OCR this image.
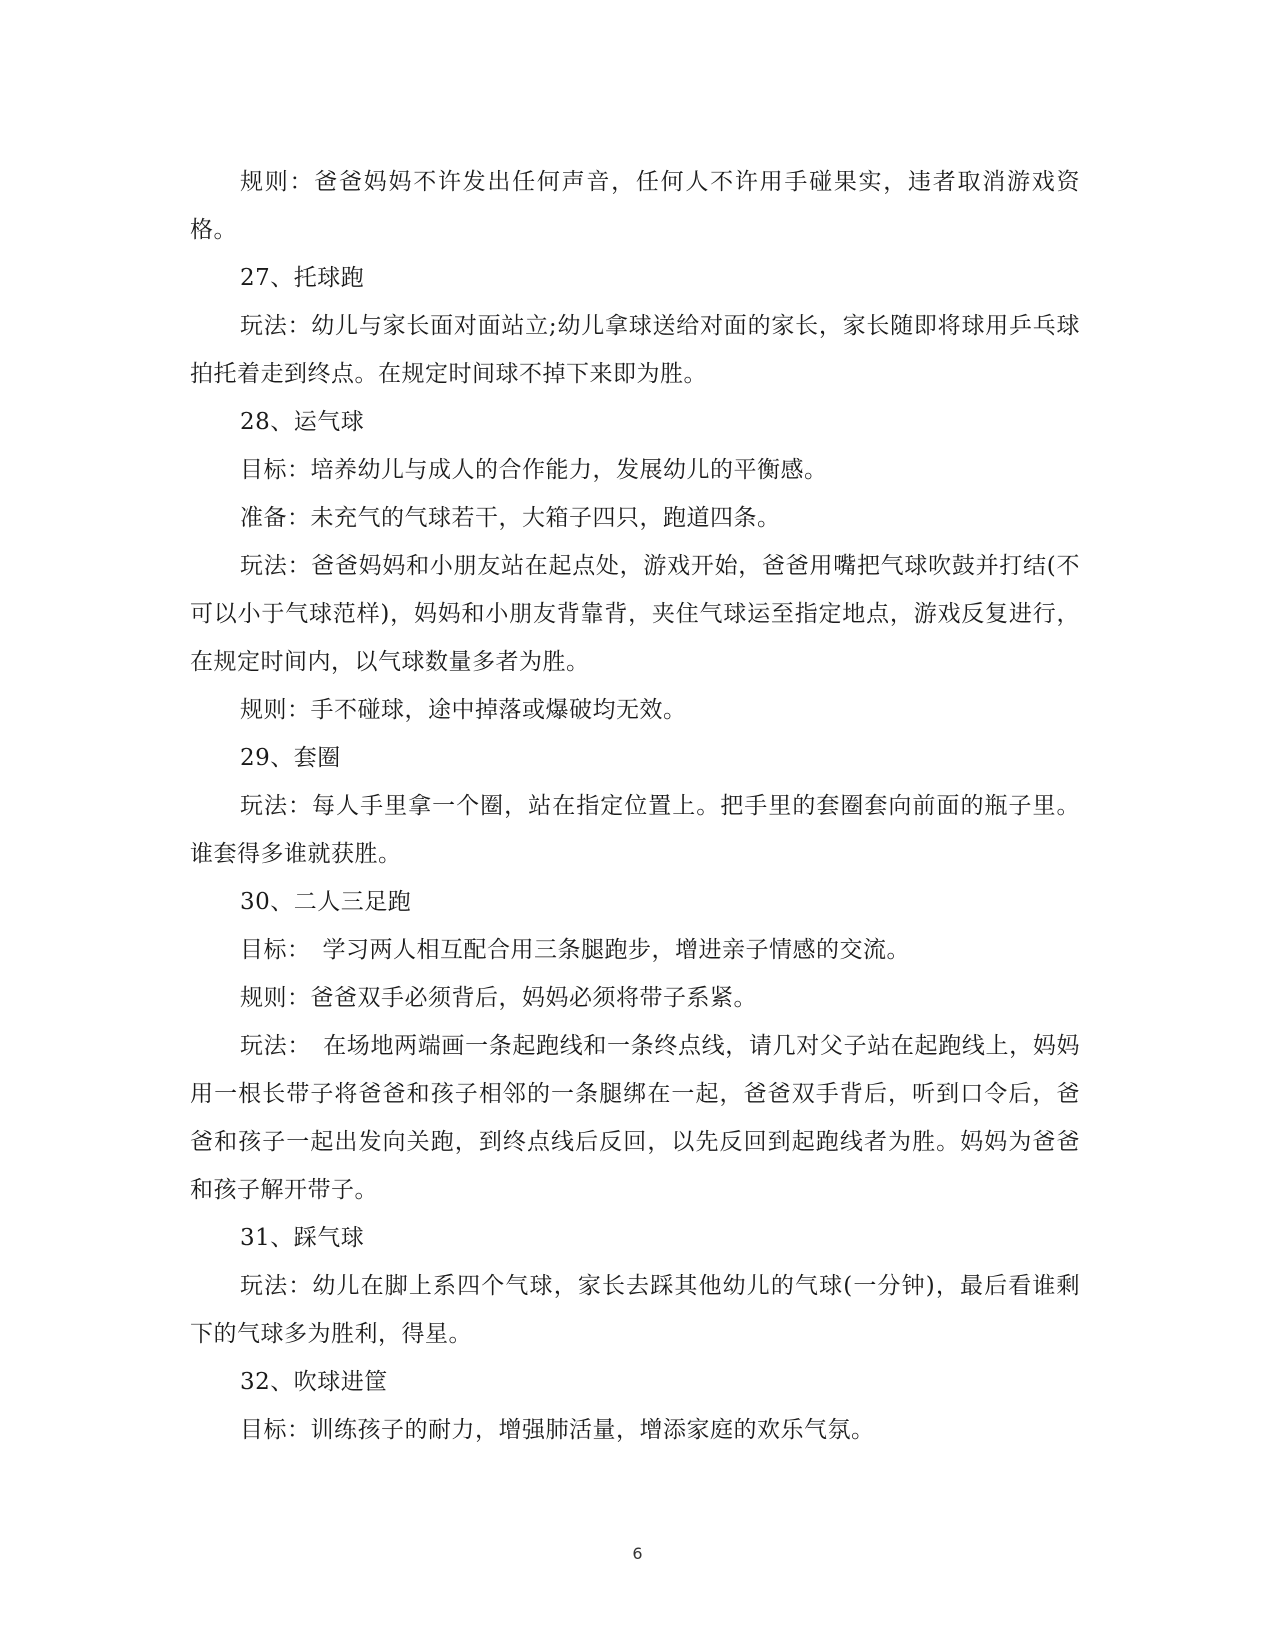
规则：爸爸妈妈不许发出任何声音，任何人不许用手碰果实，违者取消游戏资格。

27、托球跑

玩法：幼儿与家长面对面站立;幼儿拿球送给对面的家长，家长随即将球用乒乓球拍托着走到终点。在规定时间球不掉下来即为胜。

28、运气球

目标：培养幼儿与成人的合作能力，发展幼儿的平衡感。

准备：未充气的气球若干，大箱子四只，跑道四条。

玩法：爸爸妈妈和小朋友站在起点处，游戏开始，爸爸用嘴把气球吹鼓并打结(不可以小于气球范样)，妈妈和小朋友背靠背，夹住气球运至指定地点，游戏反复进行，在规定时间内，以气球数量多者为胜。

规则：手不碰球，途中掉落或爆破均无效。

29、套圈

玩法：每人手里拿一个圈，站在指定位置上。把手里的套圈套向前面的瓶子里。谁套得多谁就获胜。

30、二人三足跑

目标：　学习两人相互配合用三条腿跑步，增进亲子情感的交流。

规则：爸爸双手必须背后，妈妈必须将带子系紧。

玩法：　在场地两端画一条起跑线和一条终点线，请几对父子站在起跑线上，妈妈用一根长带子将爸爸和孩子相邻的一条腿绑在一起，爸爸双手背后，听到口令后，爸爸和孩子一起出发向关跑，到终点线后反回，以先反回到起跑线者为胜。妈妈为爸爸和孩子解开带子。

31、踩气球

玩法：幼儿在脚上系四个气球，家长去踩其他幼儿的气球(一分钟)，最后看谁剩下的气球多为胜利，得星。

32、吹球进筐

目标：训练孩子的耐力，增强肺活量，增添家庭的欢乐气氛。

6
